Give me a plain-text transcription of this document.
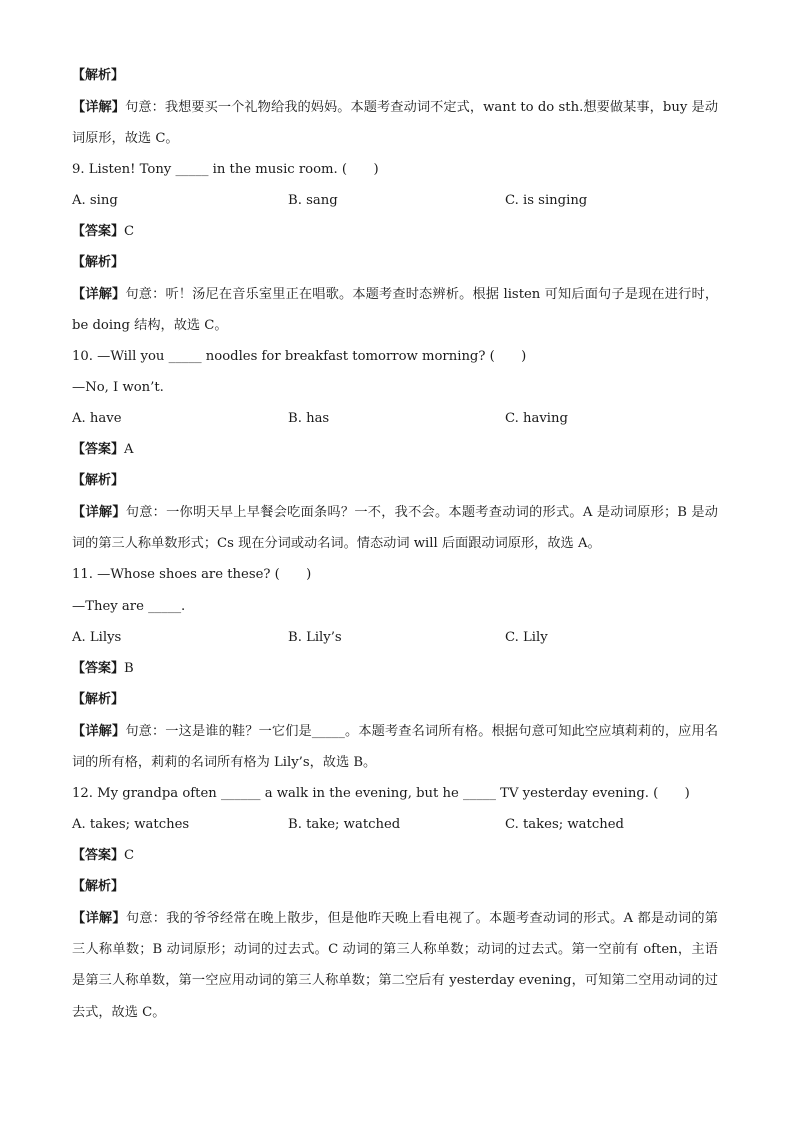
【解析】
【详解】句意：我想要买一个礼物给我的妈妈。本题考查动词不定式，want to do sth.想要做某事，buy 是动词原形，故选 C。
9. Listen! Tony _____ in the music room. (　　)
A. sing	B. sang	C. is singing
【答案】C
【解析】
【详解】句意：听！汤尼在音乐室里正在唱歌。本题考查时态辨析。根据 listen 可知后面句子是现在进行时，be doing 结构，故选 C。
10. —Will you _____ noodles for breakfast tomorrow morning? (　　)
—No, I won’t.
A. have	B. has	C. having
【答案】A
【解析】
【详解】句意：一你明天早上早餐会吃面条吗？一不，我不会。本题考查动词的形式。A 是动词原形；B 是动词的第三人称单数形式；Cs 现在分词或动名词。情态动词 will 后面跟动词原形，故选 A。
11. —Whose shoes are these? (　　)
—They are _____.
A. Lilys	B. Lily’s	C. Lily
【答案】B
【解析】
【详解】句意：一这是谁的鞋？一它们是_____。本题考查名词所有格。根据句意可知此空应填莉莉的，应用名词的所有格，莉莉的名词所有格为 Lily’s，故选 B。
12. My grandpa often ______ a walk in the evening, but he _____ TV yesterday evening. (　　)
A. takes; watches	B. take; watched	C. takes; watched
【答案】C
【解析】
【详解】句意：我的爷爷经常在晚上散步，但是他昨天晚上看电视了。本题考查动词的形式。A 都是动词的第三人称单数；B 动词原形；动词的过去式。C 动词的第三人称单数；动词的过去式。第一空前有 often，主语是第三人称单数，第一空应用动词的第三人称单数；第二空后有 yesterday evening，可知第二空用动词的过去式，故选 C。
